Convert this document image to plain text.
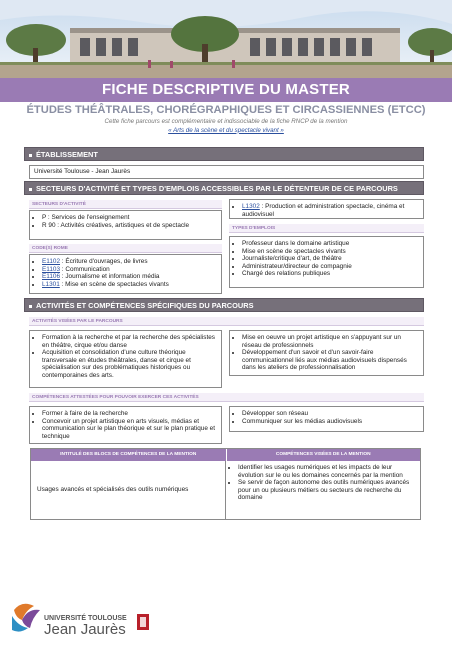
FICHE DESCRIPTIVE DU MASTER
ÉTUDES THÉÂTRALES, CHORÉGRAPHIQUES ET CIRCASSIENNES (ETCC)
Cette fiche parcours est complémentaire et indissociable de la fiche RNCP de la mention
« Arts de la scène et du spectacle vivant »
ÉTABLISSEMENT
Université Toulouse - Jean Jaurès
SECTEURS D'ACTIVITÉ ET TYPES D'EMPLOIS ACCESSIBLES PAR LE DÉTENTEUR DE CE PARCOURS
SECTEURS D'ACTIVITÉ
• P : Services de l'enseignement
• R 90 : Activités créatives, artistiques et de spectacle
• L1302 : Production et administration spectacle, cinéma et audiovisuel
CODE(S) ROME
• E1102 : Écriture d'ouvrages, de livres
• E1103 : Communication
• E1106 : Journalisme et information média
• L1301 : Mise en scène de spectacles vivants
TYPES D'EMPLOIS
• Professeur dans le domaine artistique
• Mise en scène de spectacles vivants
• Journaliste/critique d'art, de théâtre
• Administrateur/directeur de compagnie
• Chargé des relations publiques
ACTIVITÉS ET COMPÉTENCES SPÉCIFIQUES DU PARCOURS
ACTIVITÉS VISÉES PAR LE PARCOURS
• Formation à la recherche et par la recherche des spécialistes en théâtre, cirque et/ou danse
• Acquisition et consolidation d'une culture théorique transversale en études théâtrales, danse et cirque et spécialisation sur des problématiques historiques ou contemporaines des arts.
• Mise en oeuvre un projet artistique en s'appuyant sur un réseau de professionnels
• Développement d'un savoir et d'un savoir-faire communicationnel liés aux médias audiovisuels dispensés dans les ateliers de professionnalisation
COMPÉTENCES ATTESTÉES POUR POUVOIR EXERCER CES ACTIVITÉS
• Former à faire de la recherche
• Concevoir un projet artistique en arts visuels, médias et communication sur le plan théorique et sur le plan pratique et technique
• Développer son réseau
• Communiquer sur les médias audiovisuels
INTITULÉ DES BLOCS DE COMPÉTENCES DE LA MENTION	COMPÉTENCES VISÉES DE LA MENTION
Usages avancés et spécialisés des outils numériques
• Identifier les usages numériques et les impacts de leur évolution sur le ou les domaines concernés par la mention
• Se servir de façon autonome des outils numériques avancés pour un ou plusieurs métiers ou secteurs de recherche du domaine
UNIVERSITÉ TOULOUSE
Jean Jaurès
